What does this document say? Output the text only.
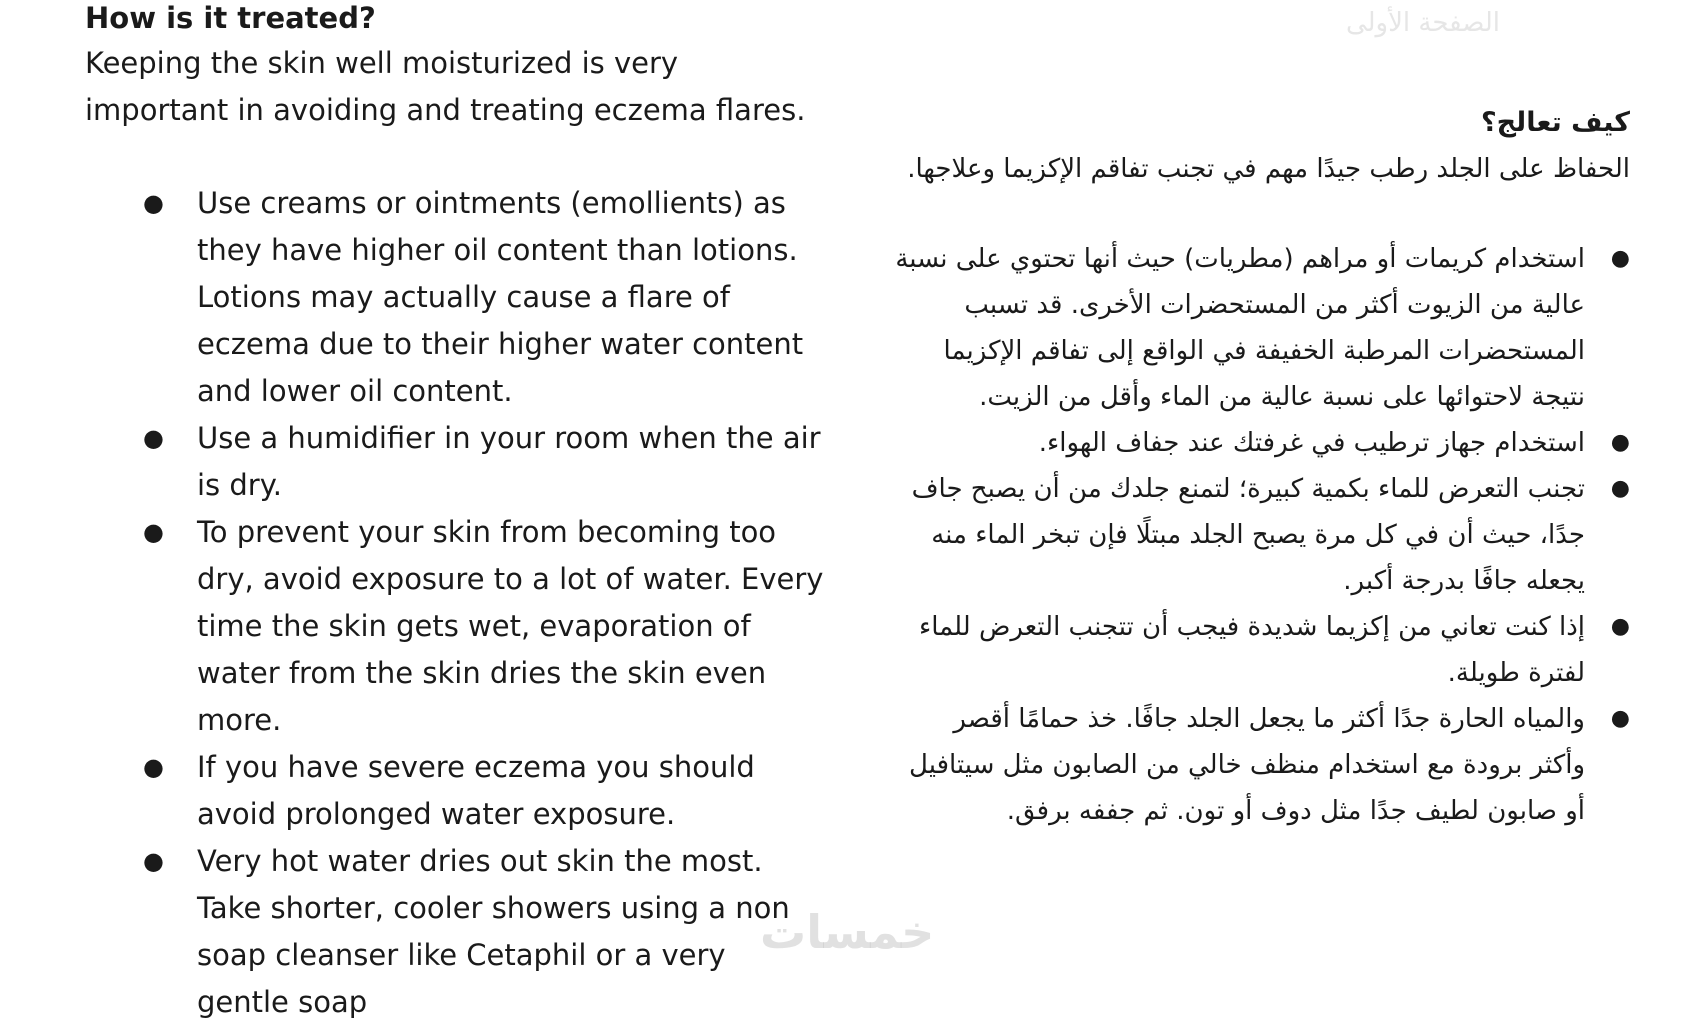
الصفحة الأولى

How is it treated?

Keeping the skin well moisturized is very important in avoiding and treating eczema flares.

● Use creams or ointments (emollients) as they have higher oil content than lotions. Lotions may actually cause a flare of eczema due to their higher water content and lower oil content.
● Use a humidifier in your room when the air is dry.
● To prevent your skin from becoming too dry, avoid exposure to a lot of water. Every time the skin gets wet, evaporation of water from the skin dries the skin even more.
● If you have severe eczema you should avoid prolonged water exposure.
● Very hot water dries out skin the most. Take shorter, cooler showers using a non soap cleanser like Cetaphil or a very gentle soap

كيف تعالج؟

الحفاظ على الجلد رطب جيدًا مهم في تجنب تفاقم الإكزيما وعلاجها.

●
استخدام كريمات أو مراهم (مطريات) حيث أنها تحتوي على نسبة عالية من الزيوت أكثر من المستحضرات الأخرى. قد تسبب المستحضرات المرطبة الخفيفة في الواقع إلى تفاقم الإكزيما نتيجة لاحتوائها على نسبة عالية من الماء وأقل من الزيت.
●
استخدام جهاز ترطيب في غرفتك عند جفاف الهواء.
●
تجنب التعرض للماء بكمية كبيرة؛ لتمنع جلدك من أن يصبح جاف جدًا، حيث أن في كل مرة يصبح الجلد مبتلًا فإن تبخر الماء منه يجعله جافًا بدرجة أكبر.
●
إذا كنت تعاني من إكزيما شديدة فيجب أن تتجنب التعرض للماء لفترة طويلة.
●
والمياه الحارة جدًا أكثر ما يجعل الجلد جافًا. خذ حمامًا أقصر وأكثر برودة مع استخدام منظف خالي من الصابون مثل سيتافيل أو صابون لطيف جدًا مثل دوف أو تون. ثم جففه برفق.
خمسات
